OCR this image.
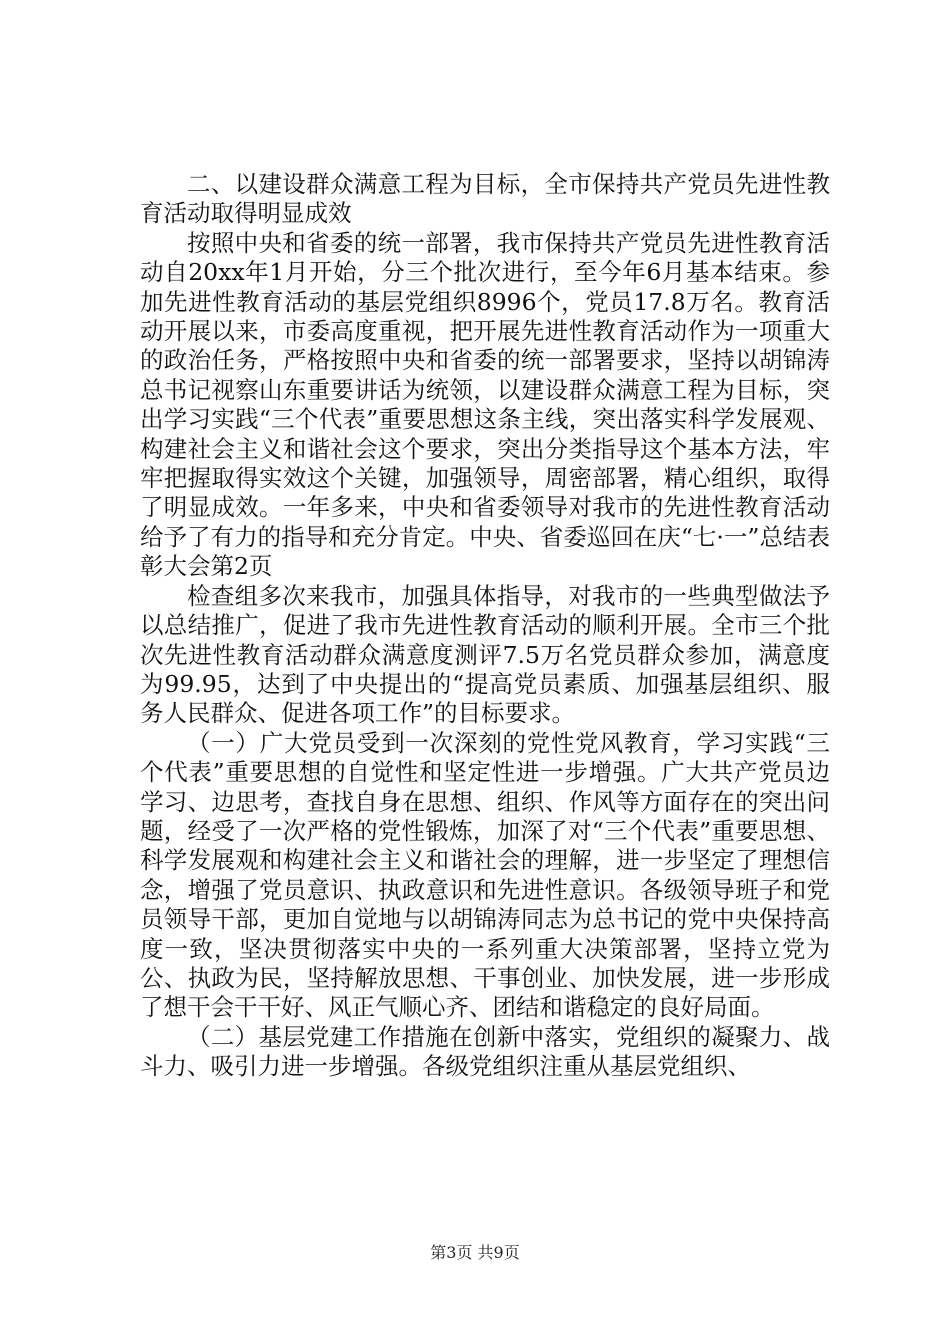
二、以建设群众满意工程为目标，全市保持共产党员先进性教育活动取得明显成效

按照中央和省委的统一部署，我市保持共产党员先进性教育活动自20xx年1月开始，分三个批次进行，至今年6月基本结束。参加先进性教育活动的基层党组织8996个，党员17.8万名。教育活动开展以来，市委高度重视，把开展先进性教育活动作为一项重大的政治任务，严格按照中央和省委的统一部署要求，坚持以胡锦涛总书记视察山东重要讲话为统领，以建设群众满意工程为目标，突出学习实践“三个代表”重要思想这条主线，突出落实科学发展观、构建社会主义和谐社会这个要求，突出分类指导这个基本方法，牢牢把握取得实效这个关键，加强领导，周密部署，精心组织，取得了明显成效。一年多来，中央和省委领导对我市的先进性教育活动给予了有力的指导和充分肯定。中央、省委巡回在庆“七·一”总结表彰大会第2页

检查组多次来我市，加强具体指导，对我市的一些典型做法予以总结推广，促进了我市先进性教育活动的顺利开展。全市三个批次先进性教育活动群众满意度测评7.5万名党员群众参加，满意度为99.95，达到了中央提出的“提高党员素质、加强基层组织、服务人民群众、促进各项工作”的目标要求。

（一）广大党员受到一次深刻的党性党风教育，学习实践“三个代表”重要思想的自觉性和坚定性进一步增强。广大共产党员边学习、边思考，查找自身在思想、组织、作风等方面存在的突出问题，经受了一次严格的党性锻炼，加深了对“三个代表”重要思想、科学发展观和构建社会主义和谐社会的理解，进一步坚定了理想信念，增强了党员意识、执政意识和先进性意识。各级领导班子和党员领导干部，更加自觉地与以胡锦涛同志为总书记的党中央保持高度一致，坚决贯彻落实中央的一系列重大决策部署，坚持立党为公、执政为民，坚持解放思想、干事创业、加快发展，进一步形成了想干会干干好、风正气顺心齐、团结和谐稳定的良好局面。

（二）基层党建工作措施在创新中落实，党组织的凝聚力、战斗力、吸引力进一步增强。各级党组织注重从基层党组织、

第3页 共9页
